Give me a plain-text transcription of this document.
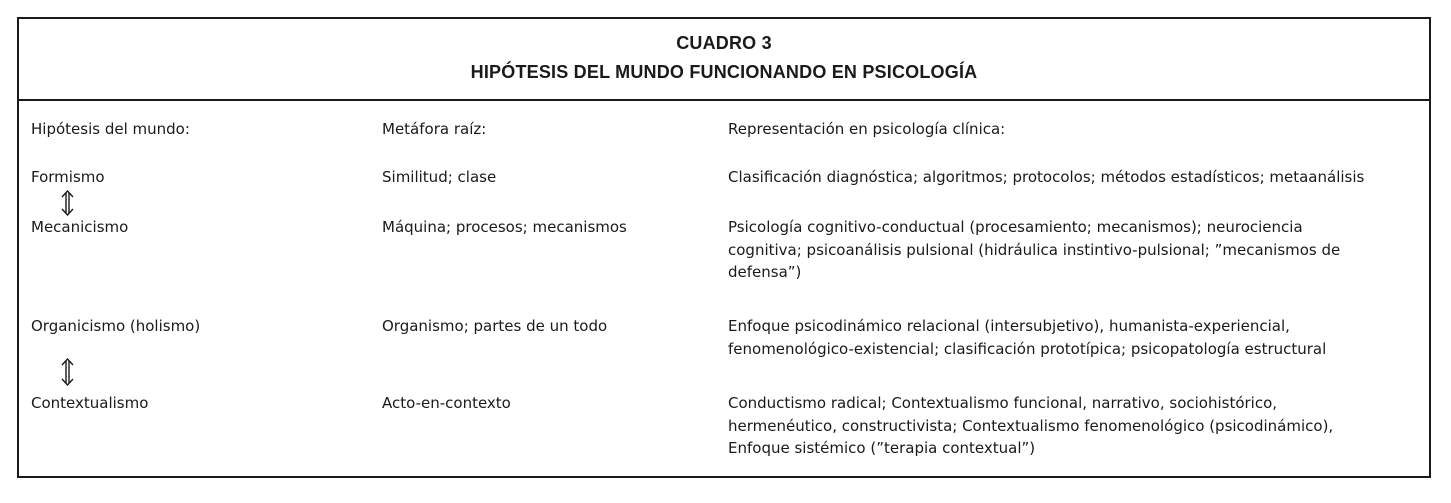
CUADRO 3
HIPÓTESIS DEL MUNDO FUNCIONANDO EN PSICOLOGÍA
Hipótesis del mundo:	Metáfora raíz:	Representación en psicología clínica:
Formismo	Similitud; clase	Clasificación diagnóstica; algoritmos; protocolos; métodos estadísticos; metaanálisis
Mecanicismo	Máquina; procesos; mecanismos	Psicología cognitivo-conductual (procesamiento; mecanismos); neurociencia
cognitiva; psicoanálisis pulsional (hidráulica instintivo-pulsional; ”mecanismos de
defensa”)
Organicismo (holismo)	Organismo; partes de un todo	Enfoque psicodinámico relacional (intersubjetivo), humanista-experiencial,
fenomenológico-existencial; clasificación prototípica; psicopatología estructural
Contextualismo	Acto-en-contexto	Conductismo radical; Contextualismo funcional, narrativo, sociohistórico,
hermenéutico, constructivista; Contextualismo fenomenológico (psicodinámico),
Enfoque sistémico (”terapia contextual”)
